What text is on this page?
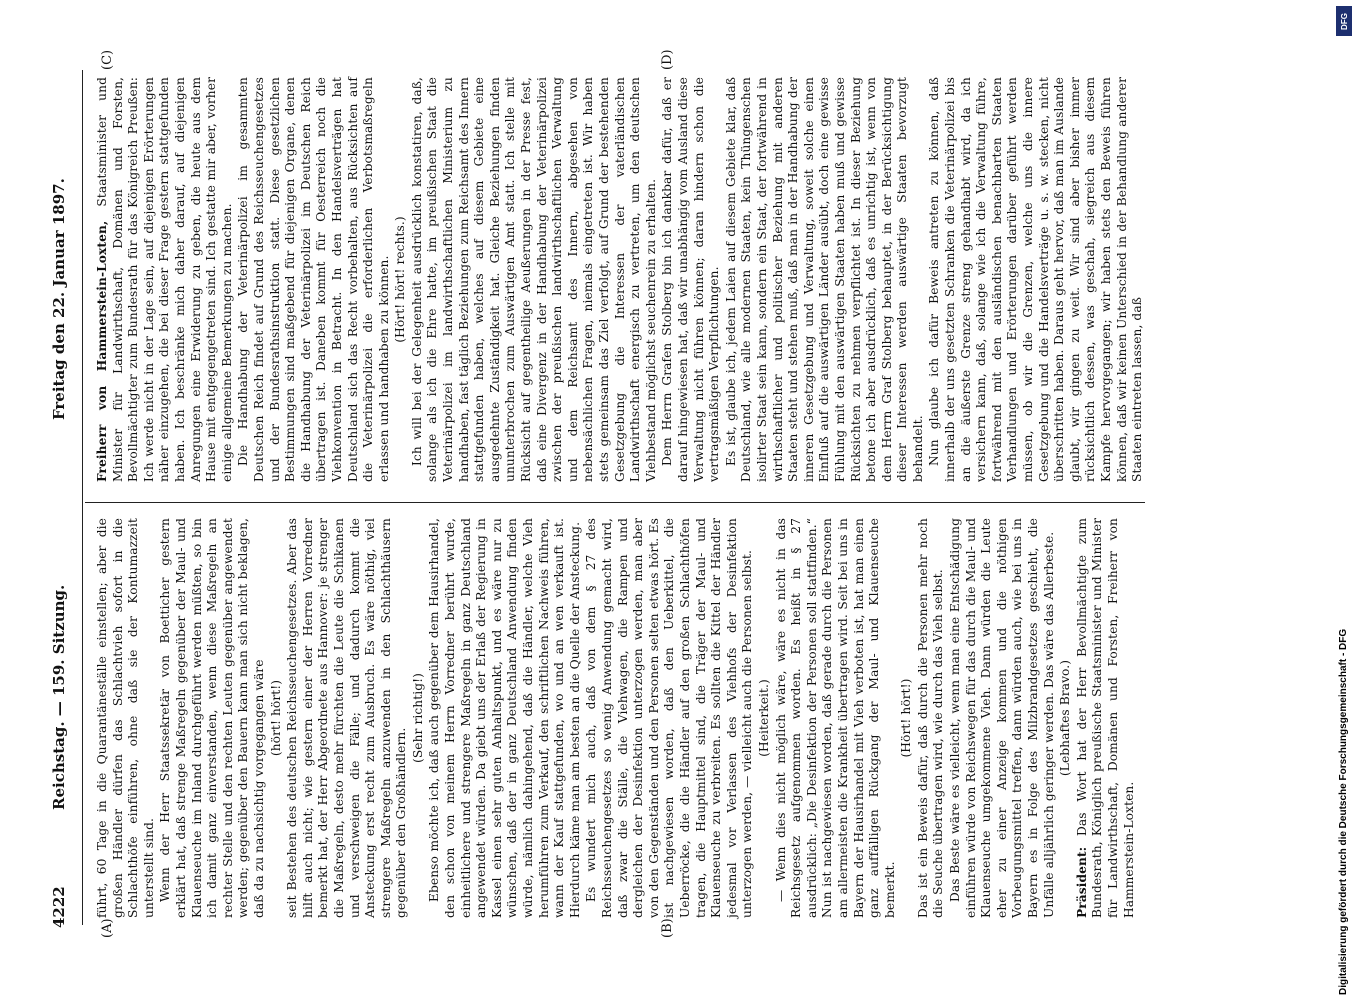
4222
Reichstag. — 159. Sitzung.
Freitag den 22. Januar 1897.
(A)	(B)
(C)	(D)

führt, 60 Tage in die Quarantäneställe einstellen; aber die großen Händler dürfen das Schlachtvieh sofort in die Schlachthöfe einführen, ohne daß sie der Kontumazzeit unterstellt sind. Wenn der Herr Staatssekretär von Boetticher gestern erklärt hat, daß strenge Maßregeln gegenüber der Maul- und Klauenseuche im Inland durchgeführt werden müßten, so bin ich damit ganz einverstanden, wenn diese Maßregeln an rechter Stelle und den rechten Leuten gegenüber angewendet werden; gegenüber den Bauern kann man sich nicht beklagen, daß da zu nachsichtig vorgegangen wäre (hört! hört!) seit Bestehen des deutschen Reichsseuchengesetzes. Aber das hilft auch nicht; wie gestern einer der Herren Vorredner bemerkt hat, der Herr Abgeordnete aus Hannover: je strenger die Maßregeln, desto mehr fürchten die Leute die Schikanen und verschweigen die Fälle; und dadurch kommt die Ansteckung erst recht zum Ausbruch. Es wäre nöthig, viel strengere Maßregeln anzuwenden in den Schlachthäusern gegenüber den Großhändlern.

(Sehr richtig!) Ebenso möchte ich, daß auch gegenüber dem Hausirhandel, den schon von meinem Herrn Vorredner berührt wurde, einheitlichere und strengere Maßregeln in ganz Deutschland angewendet würden. Da giebt uns der Erlaß der Regierung in Kassel einen sehr guten Anhaltspunkt, und es wäre nur zu wünschen, daß der in ganz Deutschland Anwendung finden würde, nämlich dahingehend, daß die Händler, welche Vieh herumführen zum Verkauf, den schriftlichen Nachweis führen, wann der Kauf stattgefunden, wo und an wen verkauft ist. Hierdurch käme man am besten an die Quelle der Ansteckung. Es wundert mich auch, daß von dem § 27 des Reichsseuchengesetzes so wenig Anwendung gemacht wird, daß zwar die Ställe, die Viehwagen, die Rampen und dergleichen der Desinfektion unterzogen werden, man aber von den Gegenständen und den Personen selten etwas hört. Es ist nachgewiesen worden, daß den Ueberkittel, die Ueberröcke, die die Händler auf den großen Schlachthöfen tragen, die Hauptmittel sind, die Träger der Maul- und Klauenseuche zu verbreiten. Es sollten die Kittel der Händler jedesmal vor Verlassen des Viehhofs der Desinfektion unterzogen werden, — vielleicht auch die Personen selbst. (Heiterkeit.) — Wenn dies nicht möglich wäre, wäre es nicht in das Reichsgesetz aufgenommen worden. Es heißt in § 27 ausdrücklich: „Die Desinfektion der Personen soll stattfinden.“ Nun ist nachgewiesen worden, daß gerade durch die Personen am allermeisten die Krankheit übertragen wird. Seit bei uns in Bayern der Hausirhandel mit Vieh verboten ist, hat man einen ganz auffälligen Rückgang der Maul- und Klauenseuche bemerkt.

(Hört! hört!) Das ist ein Beweis dafür, daß durch die Personen mehr noch die Seuche übertragen wird, wie durch das Vieh selbst. Das Beste wäre es vielleicht, wenn man eine Entschädigung einführen würde von Reichswegen für das durch die Maul- und Klauenseuche umgekommene Vieh. Dann würden die Leute eher zu einer Anzeige kommen und die nöthigen Vorbeugungsmittel treffen, dann würden auch, wie bei uns in Bayern es in Folge des Milzbrandgesetzes geschieht, die Unfälle alljährlich geringer werden. Das wäre das Allerbeste. (Lebhaftes Bravo.)

Präsident: Das Wort hat der Herr Bevollmächtigte zum Bundesrath, Königlich preußische Staatsminister und Minister für Landwirthschaft, Domänen und Forsten, Freiherr von Hammerstein-Loxten.

Freiherr von Hammerstein-Loxten, Staatsminister und Minister für Landwirthschaft, Domänen und Forsten, Bevollmächtigter zum Bundesrath für das Königreich Preußen: Ich werde nicht in der Lage sein, auf diejenigen Erörterungen näher einzugehen, die bei dieser Frage gestern stattgefunden haben. Ich beschränke mich daher darauf, auf diejenigen Anregungen eine Erwiderung zu geben, die heute aus dem Hause mit entgegengetreten sind. Ich gestatte mir aber, vorher einige allgemeine Bemerkungen zu machen. Die Handhabung der Veterinärpolizei im gesammten Deutschen Reich findet auf Grund des Reichsseuchengesetzes und der Bundesrathsinstruktion statt. Diese gesetzlichen Bestimmungen sind maßgebend für diejenigen Organe, denen die Handhabung der Veterinärpolizei im Deutschen Reich übertragen ist. Daneben kommt für Oesterreich noch die Viehkonvention in Betracht. In den Handelsverträgen hat Deutschland sich das Recht vorbehalten, aus Rücksichten auf die Veterinärpolizei die erforderlichen Verbotsmaßregeln erlassen und handhaben zu können. (Hört! hört! rechts.) Ich will bei der Gelegenheit ausdrücklich konstatiren, daß, solange als ich die Ehre hatte, im preußischen Staat die Veterinärpolizei im landwirthschaftlichen Ministerium zu handhaben, fast täglich Beziehungen zum Reichsamt des Innern stattgefunden haben, welches auf diesem Gebiete eine ausgedehnte Zuständigkeit hat. Gleiche Beziehungen finden ununterbrochen zum Auswärtigen Amt statt. Ich stelle mit Rücksicht auf gegentheilige Aeußerungen in der Presse fest, daß eine Divergenz in der Handhabung der Veterinärpolizei zwischen der preußischen landwirthschaftlichen Verwaltung und dem Reichsamt des Innern, abgesehen von nebensächlichen Fragen, niemals eingetreten ist. Wir haben stets gemeinsam das Ziel verfolgt, auf Grund der bestehenden Gesetzgebung die Interessen der vaterländischen Landwirthschaft energisch zu vertreten, um den deutschen Viehbestand möglichst seuchenrein zu erhalten. Dem Herrn Grafen Stolberg bin ich dankbar dafür, daß er darauf hingewiesen hat, daß wir unabhängig vom Ausland diese Verwaltung nicht führen können; daran hindern schon die vertragsmäßigen Verpflichtungen. Es ist, glaube ich, jedem Laien auf diesem Gebiete klar, daß Deutschland, wie alle modernen Staaten, kein Thüngenschen isolirter Staat sein kann, sondern ein Staat, der fortwährend in wirthschaftlicher und politischer Beziehung mit anderen Staaten steht und stehen muß, daß man in der Handhabung der inneren Gesetzgebung und Verwaltung, soweit solche einen Einfluß auf die auswärtigen Länder ausübt, doch eine gewisse Fühlung mit den auswärtigen Staaten haben muß und gewisse Rücksichten zu nehmen verpflichtet ist. In dieser Beziehung betone ich aber ausdrücklich, daß es unrichtig ist, wenn von dem Herrn Graf Stolberg behauptet, in der Berücksichtigung dieser Interessen werden auswärtige Staaten bevorzugt behandelt. Nun glaube ich dafür Beweis antreten zu können, daß innerhalb der uns gesetzten Schranken die Veterinärpolizei bis an die äußerste Grenze streng gehandhabt wird, da ich versichern kann, daß, solange wie ich die Verwaltung führe, fortwährend mit den ausländischen benachbarten Staaten Verhandlungen und Erörterungen darüber geführt werden müssen, ob wir die Grenzen, welche uns die innere Gesetzgebung und die Handelsverträge u. s. w. stecken, nicht überschritten haben. Daraus geht hervor, daß man im Auslande glaubt, wir gingen zu weit. Wir sind aber bisher immer rücksichtlich dessen, was geschah, siegreich aus diesem Kampfe hervorgegangen; wir haben stets den Beweis führen können, daß wir keinen Unterschied in der Behandlung anderer Staaten eintreten lassen, daß

Digitalisierung gefördert durch die Deutsche Forschungsgemeinschaft - DFG
DFG
